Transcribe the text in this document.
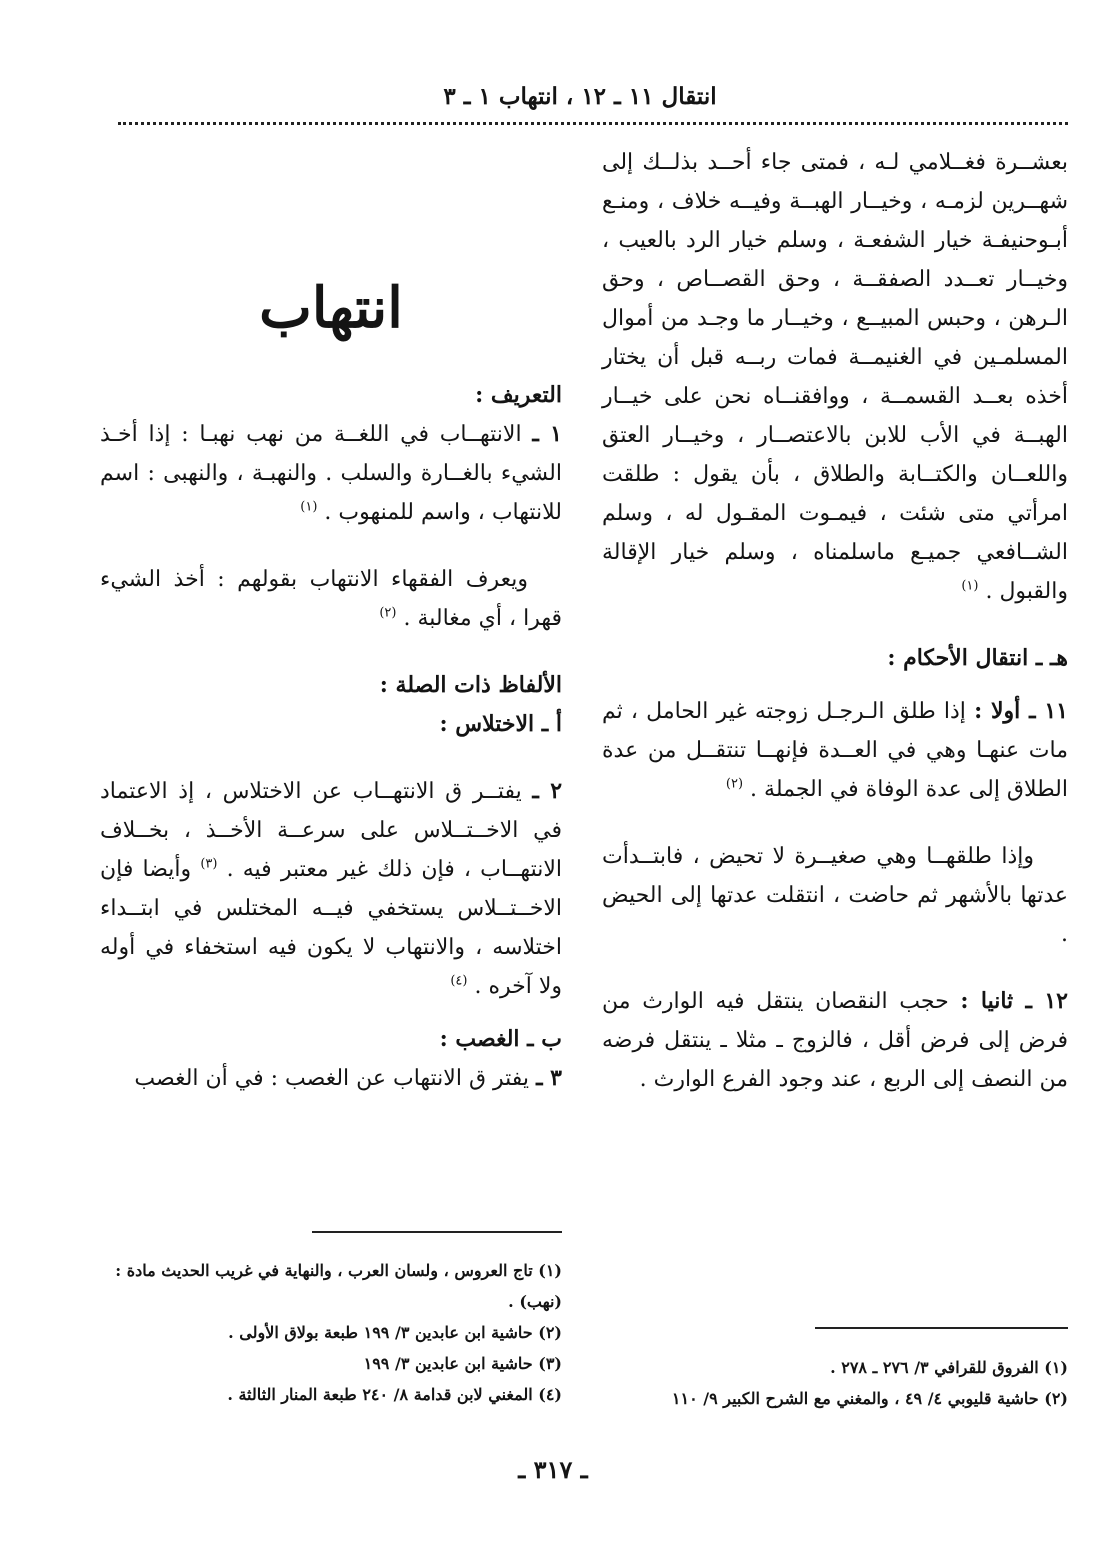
انتقال ١١ ـ ١٢ ، انتهاب ١ ـ ٣

بعشــرة فغــلامي لـه ، فمتى جاء أحــد بذلــك إلى شهــرين لزمـه ، وخيــار الهبــة وفيــه خلاف ، ومنـع أبـوحنيفـة خيار الشفعـة ، وسلم خيار الرد بالعيب ، وخيــار تعــدد الصفقــة ، وحق القصــاص ، وحق الـرهن ، وحبس المبيــع ، وخيــار ما وجـد من أموال المسلمـين في الغنيمــة فمات ربــه قبل أن يختار أخذه بعــد القسمــة ، ووافقنــاه نحن على خيــار الهبــة في الأب للابن بالاعتصــار ، وخيــار العتق واللعــان والكتــابة والطلاق ، بأن يقول : طلقت امرأتي متى شئت ، فيمـوت المقـول له ، وسلم الشــافعي جميـع ماسلمناه ، وسلم خيار الإقالة والقبول . $^{(١)}$

هـ ـ انتقال الأحكام :

١١ ـ أولا : إذا طلق الـرجـل زوجته غير الحامل ، ثم مات عنهـا وهي في العــدة فإنهــا تنتقــل من عدة الطلاق إلى عدة الوفاة في الجملة . $^{(٢)}$

وإذا طلقهــا وهي صغيــرة لا تحيض ، فابتــدأت عدتها بالأشهر ثم حاضت ، انتقلت عدتها إلى الحيض .

١٢ ـ ثانيا : حجب النقصان ينتقل فيه الوارث من فرض إلى فرض أقل ، فالزوج ـ مثلا ـ ينتقل فرضه من النصف إلى الربع ، عند وجود الفرع الوارث .

(١) الفروق للقرافي ٣/ ٢٧٦ ـ ٢٧٨ .

(٢) حاشية قليوبي ٤/ ٤٩ ، والمغني مع الشرح الكبير ٩/ ١١٠

انتهاب
التعريف :

١ ـ الانتهــاب في اللغــة من نهب نهبـا : إذا أخـذ الشيء بالغــارة والسلب . والنهبـة ، والنهبى : اسم للانتهاب ، واسم للمنهوب . $^{(١)}$

ويعرف الفقهاء الانتهاب بقولهم : أخذ الشيء قهرا ، أي مغالبة . $^{(٢)}$

الألفاظ ذات الصلة :
أ ـ الاختلاس :

٢ ـ يفتــر ق الانتهــاب عن الاختلاس ، إذ الاعتماد في الاخــتــلاس على سرعــة الأخــذ ، بخــلاف الانتهــاب ، فإن ذلك غير معتبر فيه . $^{(٣)}$ وأيضا فإن الاخــتــلاس يستخفي فيــه المختلس في ابتــداء اختلاسه ، والانتهاب لا يكون فيه استخفاء في أوله ولا آخره . $^{(٤)}$

ب ـ الغصب :

٣ ـ يفتر ق الانتهاب عن الغصب : في أن الغصب

(١) تاج العروس ، ولسان العرب ، والنهاية في غريب الحديث مادة : (نهب) .

(٢) حاشية ابن عابدين ٣/ ١٩٩ طبعة بولاق الأولى .

(٣) حاشية ابن عابدين ٣/ ١٩٩

(٤) المغني لابن قدامة ٨/ ٢٤٠ طبعة المنار الثالثة .

ـ ٣١٧ ـ
